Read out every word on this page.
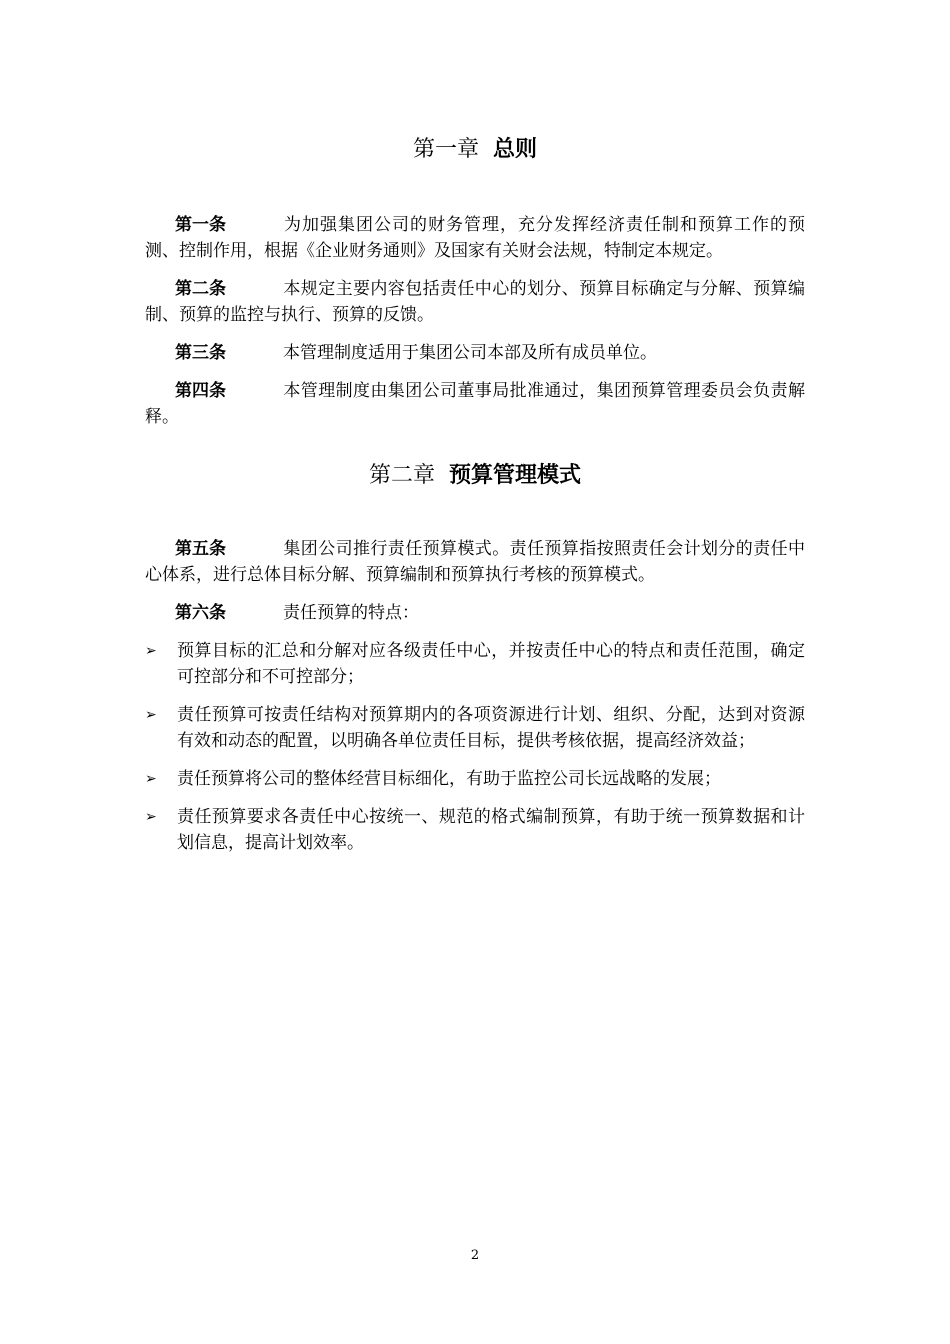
第一章 总则

第一条	为加强集团公司的财务管理，充分发挥经济责任制和预算工作的预测、控制作用，根据《企业财务通则》及国家有关财会法规，特制定本规定。

第二条	本规定主要内容包括责任中心的划分、预算目标确定与分解、预算编制、预算的监控与执行、预算的反馈。

第三条	本管理制度适用于集团公司本部及所有成员单位。

第四条	本管理制度由集团公司董事局批准通过，集团预算管理委员会负责解释。

第二章 预算管理模式

第五条	集团公司推行责任预算模式。责任预算指按照责任会计划分的责任中心体系，进行总体目标分解、预算编制和预算执行考核的预算模式。

第六条	责任预算的特点：

➢	预算目标的汇总和分解对应各级责任中心，并按责任中心的特点和责任范围，确定可控部分和不可控部分；
➢	责任预算可按责任结构对预算期内的各项资源进行计划、组织、分配，达到对资源有效和动态的配置，以明确各单位责任目标，提供考核依据，提高经济效益；
➢	责任预算将公司的整体经营目标细化，有助于监控公司长远战略的发展；
➢	责任预算要求各责任中心按统一、规范的格式编制预算，有助于统一预算数据和计划信息，提高计划效率。
2
